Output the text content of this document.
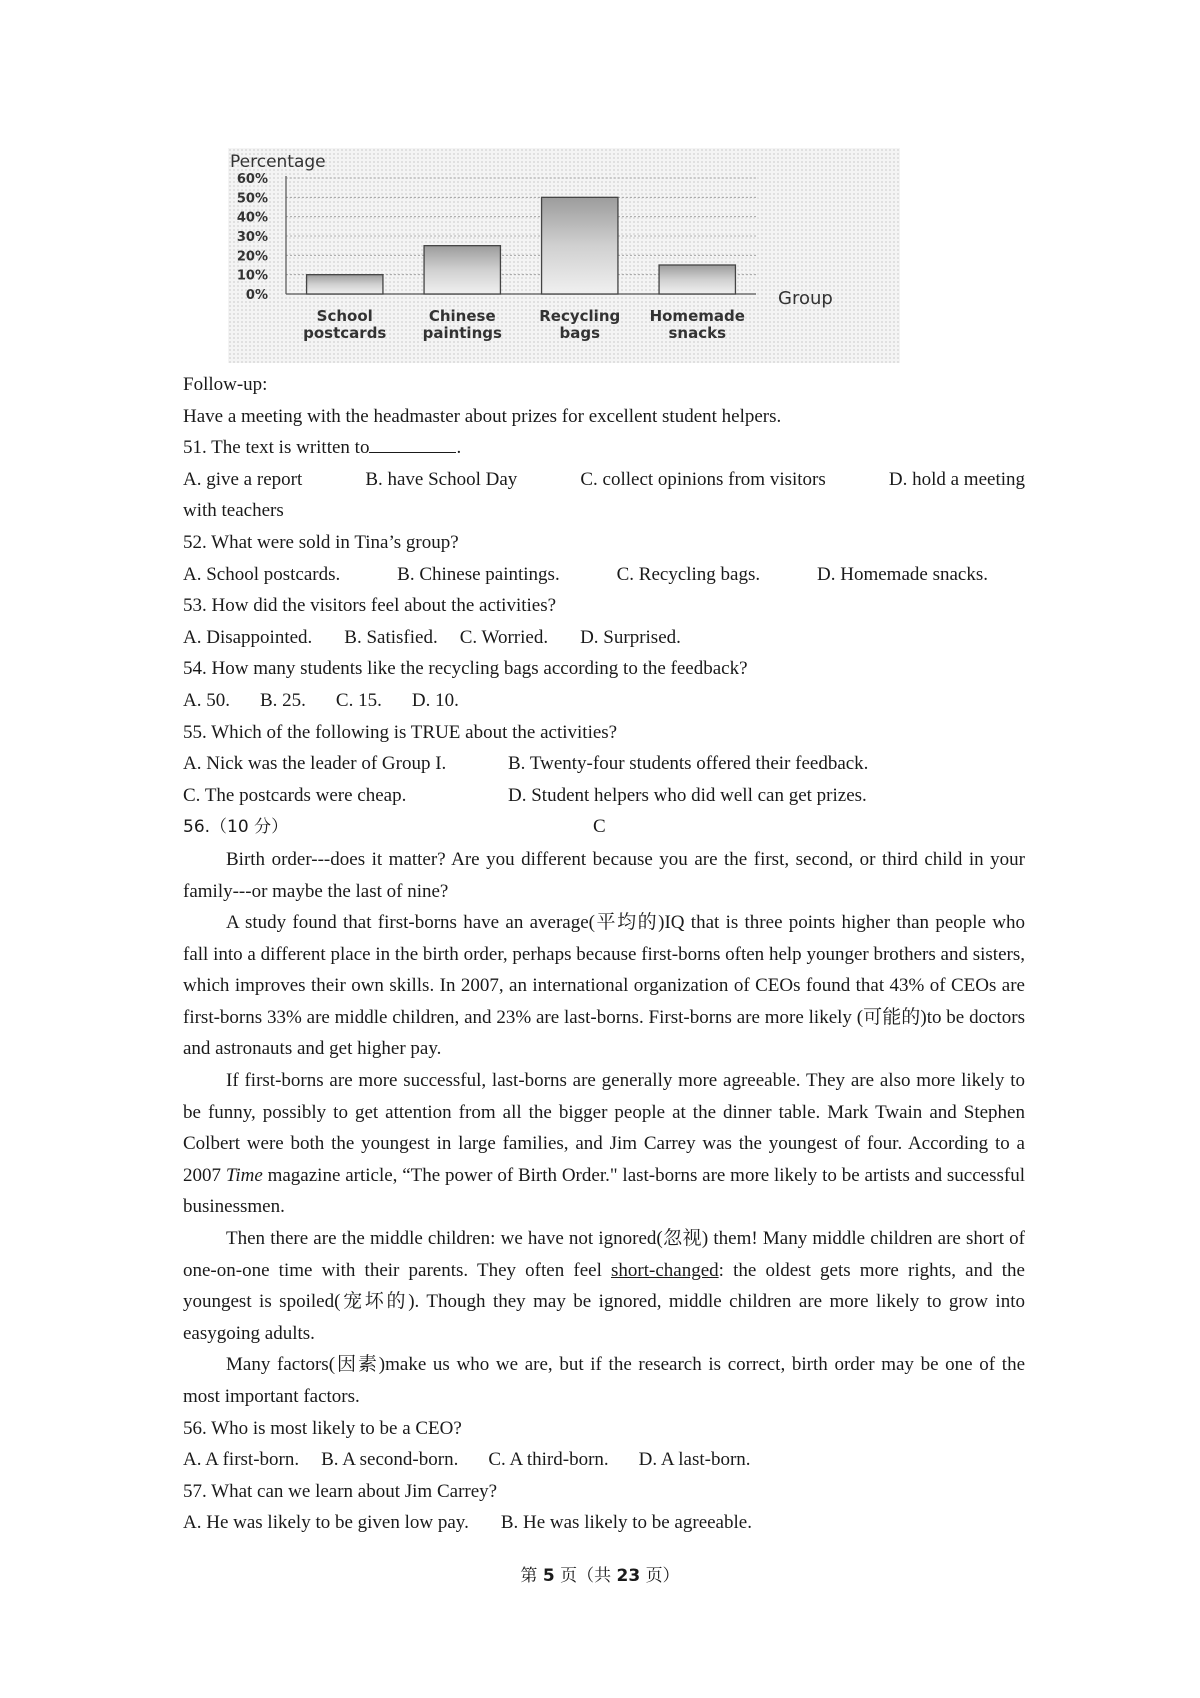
Percentage
60%
50%
40%
30%
20%
10%
0%
School
postcards
Chinese
paintings
Recycling
bags
Homemade
snacks
Group

Follow-up:

Have a meeting with the headmaster about prizes for excellent student helpers.

51. The text is written to	.

A. give a report	B. have School Day	C. collect opinions from visitors	D. hold a meeting

with teachers

52. What were sold in Tina’s group?

A. School postcards.	B. Chinese paintings.	C. Recycling bags.	D. Homemade snacks.

53. How did the visitors feel about the activities?

A. Disappointed. B. Satisfied. C. Worried. D. Surprised.

54. How many students like the recycling bags according to the feedback?

A. 50. B. 25. C. 15. D. 10.

55. Which of the following is TRUE about the activities?

A. Nick was the leader of Group I.	B. Twenty-four students offered their feedback.

C. The postcards were cheap.	D. Student helpers who did well can get prizes.

56.（10 分）	C

Birth order---does it matter? Are you different because you are the first, second, or third child in your family---or maybe the last of nine?

A study found that first-borns have an average(平均的)IQ that is three points higher than people who fall into a different place in the birth order, perhaps because first-borns often help younger brothers and sisters, which improves their own skills. In 2007, an international organization of CEOs found that 43% of CEOs are first-borns 33% are middle children, and 23% are last-borns. First-borns are more likely (可能的)to be doctors and astronauts and get higher pay.

If first-borns are more successful, last-borns are generally more agreeable. They are also more likely to be funny, possibly to get attention from all the bigger people at the dinner table. Mark Twain and Stephen Colbert were both the youngest in large families, and Jim Carrey was the youngest of four. According to a 2007 Time magazine article, “The power of Birth Order." last-borns are more likely to be artists and successful businessmen.

Then there are the middle children: we have not ignored(忽视) them! Many middle children are short of one-on-one time with their parents. They often feel short-changed: the oldest gets more rights, and the youngest is spoiled(宠坏的). Though they may be ignored, middle children are more likely to grow into easygoing adults.

Many factors(因素)make us who we are, but if the research is correct, birth order may be one of the most important factors.

56. Who is most likely to be a CEO?

A. A first-born. B. A second-born. C. A third-born. D. A last-born.

57. What can we learn about Jim Carrey?

A. He was likely to be given low pay. B. He was likely to be agreeable.

第 5 页（共 23 页）
